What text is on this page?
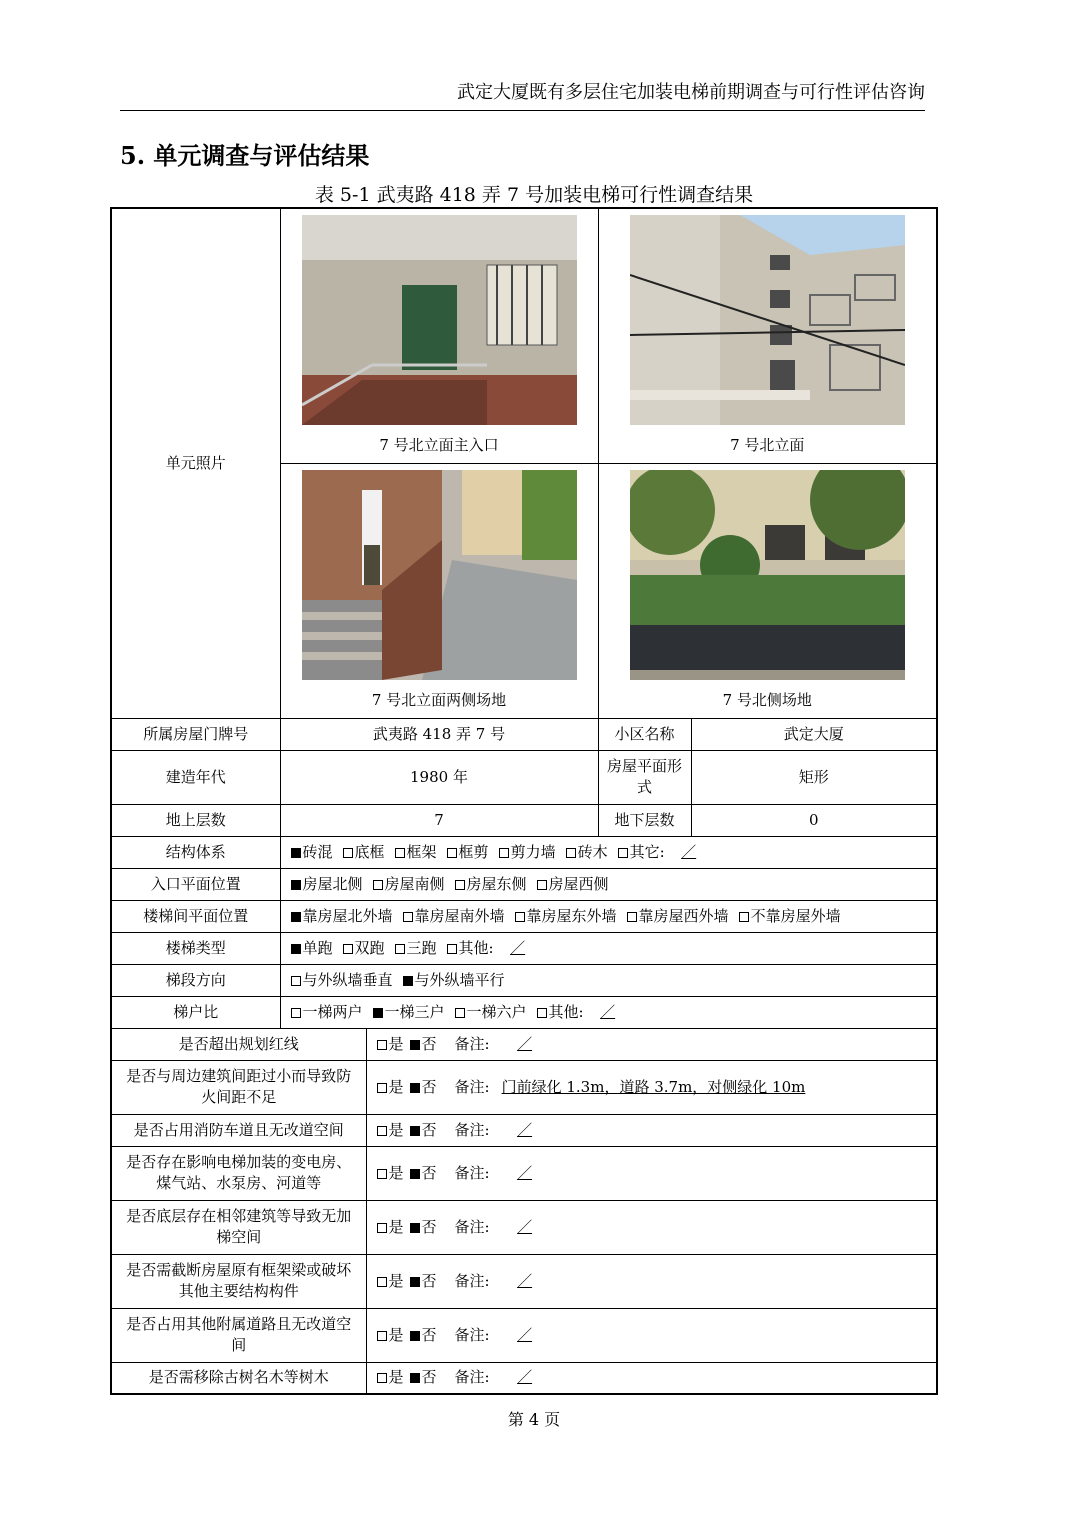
武定大厦既有多层住宅加装电梯前期调查与可行性评估咨询
5. 单元调查与评估结果
表 5-1 武夷路 418 弄 7 号加装电梯可行性调查结果
单元照片	7 号北立面主入口		7 号北立面	

	7 号北立面两侧场地		7 号北侧场地	

所属房屋门牌号	武夷路 418 弄 7 号		小区名称	武定大厦
建造年代	1980 年		房屋平面形式	矩形
地上层数	7		地下层数	0
结构体系	砖混 底框 框架 框剪 剪力墙 砖木 其它: ／			
入口平面位置	房屋北侧 房屋南侧 房屋东侧 房屋西侧			
楼梯间平面位置	靠房屋北外墙 靠房屋南外墙 靠房屋东外墙 靠房屋西外墙 不靠房屋外墙			
楼梯类型	单跑 双跑 三跑 其他: ／			
梯段方向	与外纵墙垂直 与外纵墙平行			
梯户比	一梯两户 一梯三户 一梯六户 其他: ／			
是否超出规划红线		是 否 备注: ／		
是否与周边建筑间距过小而导致防火间距不足		是 否 备注: 门前绿化 1.3m，道路 3.7m，对侧绿化 10m		
是否占用消防车道且无改道空间		是 否 备注: ／		
是否存在影响电梯加装的变电房、煤气站、水泵房、河道等		是 否 备注: ／		
是否底层存在相邻建筑等导致无加梯空间		是 否 备注: ／		
是否需截断房屋原有框架梁或破坏其他主要结构构件		是 否 备注: ／		
是否占用其他附属道路且无改道空间		是 否 备注: ／		
是否需移除古树名木等树木		是 否 备注: ／		
第 4 页
